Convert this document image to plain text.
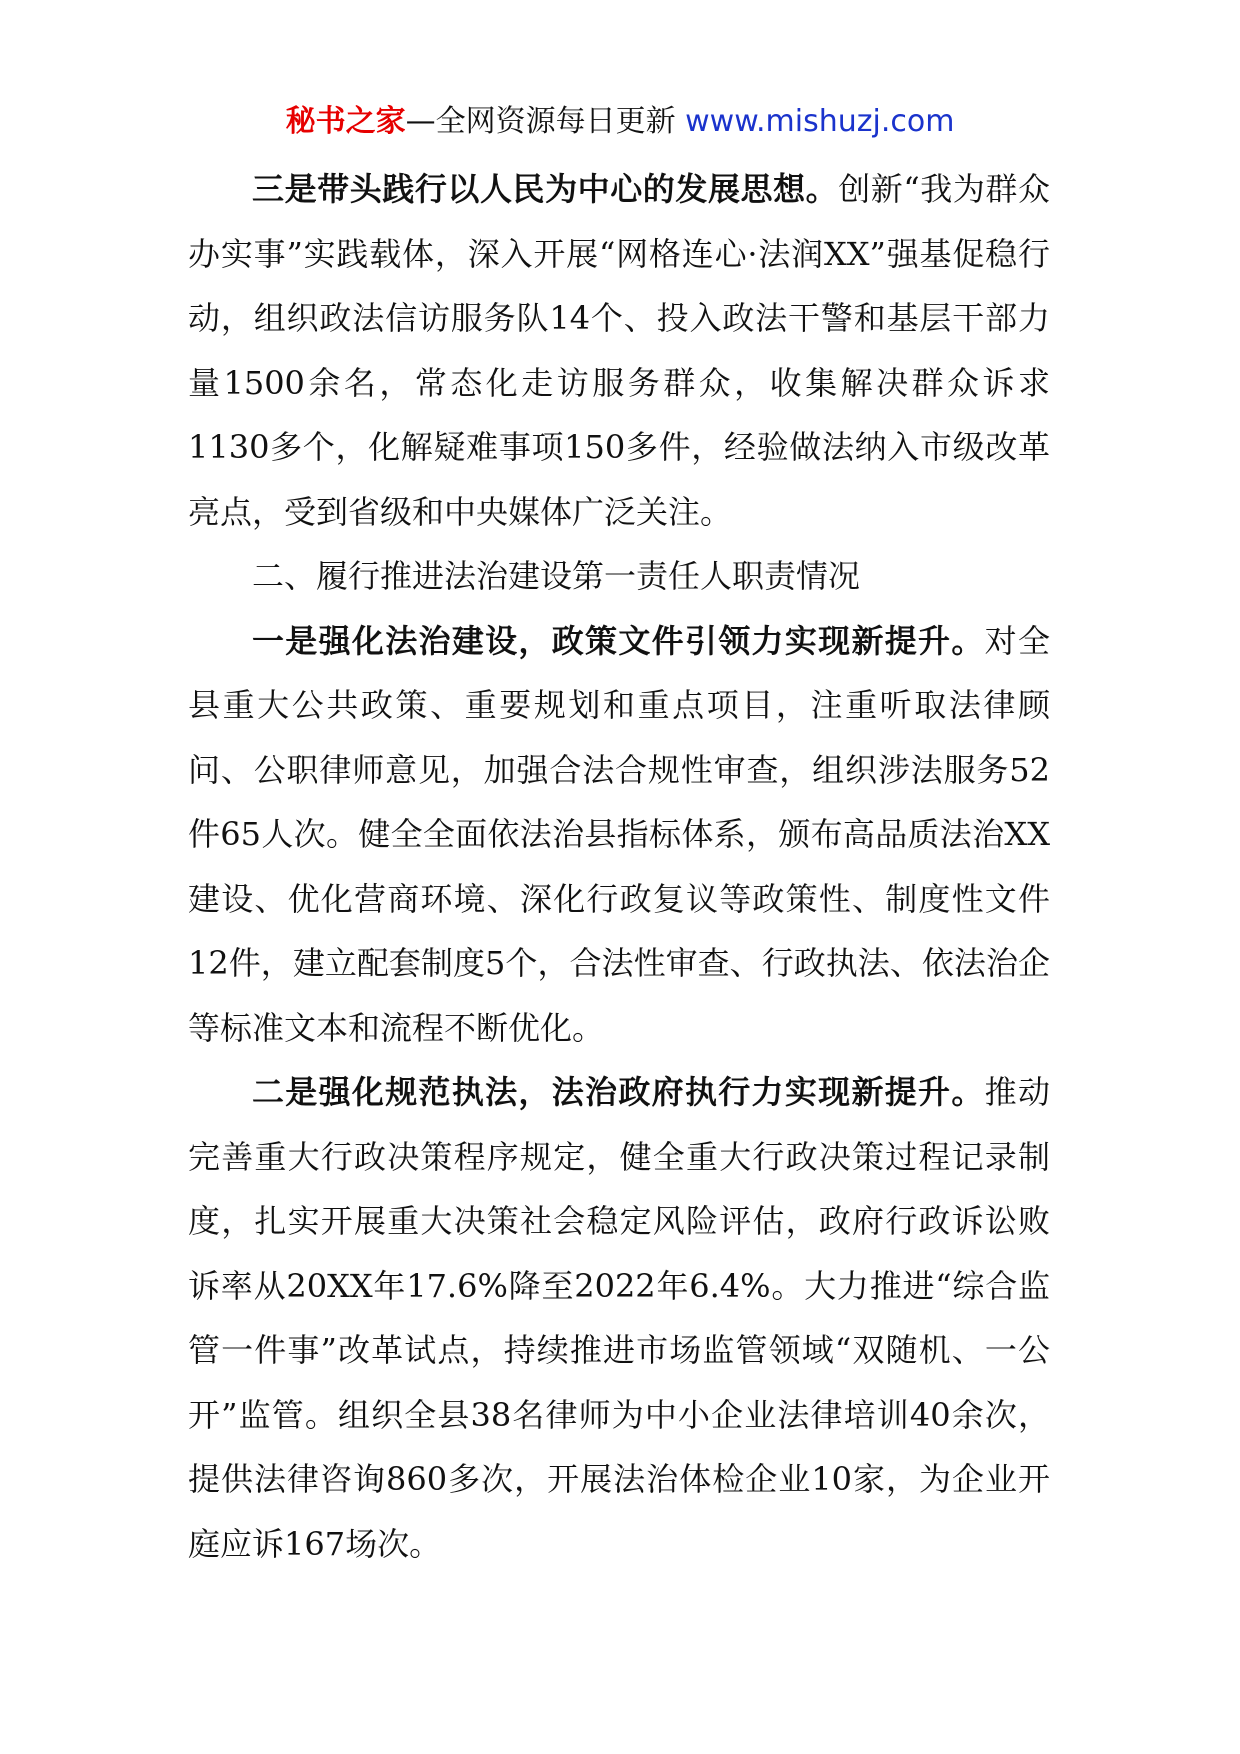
秘书之家—全网资源每日更新 www.mishuzj.com

三是带头践行以人民为中心的发展思想。创新“我为群众办实事”实践载体，深入开展“网格连心·法润XX”强基促稳行动，组织政法信访服务队14个、投入政法干警和基层干部力量1500余名，常态化走访服务群众，收集解决群众诉求1130多个，化解疑难事项150多件，经验做法纳入市级改革亮点，受到省级和中央媒体广泛关注。

二、履行推进法治建设第一责任人职责情况

一是强化法治建设，政策文件引领力实现新提升。对全县重大公共政策、重要规划和重点项目，注重听取法律顾问、公职律师意见，加强合法合规性审查，组织涉法服务52件65人次。健全全面依法治县指标体系，颁布高品质法治XX建设、优化营商环境、深化行政复议等政策性、制度性文件12件，建立配套制度5个，合法性审查、行政执法、依法治企等标准文本和流程不断优化。

二是强化规范执法，法治政府执行力实现新提升。推动完善重大行政决策程序规定，健全重大行政决策过程记录制度，扎实开展重大决策社会稳定风险评估，政府行政诉讼败诉率从20XX年17.6%降至2022年6.4%。大力推进“综合监管一件事”改革试点，持续推进市场监管领域“双随机、一公开”监管。组织全县38名律师为中小企业法律培训40余次，提供法律咨询860多次，开展法治体检企业10家，为企业开庭应诉167场次。
